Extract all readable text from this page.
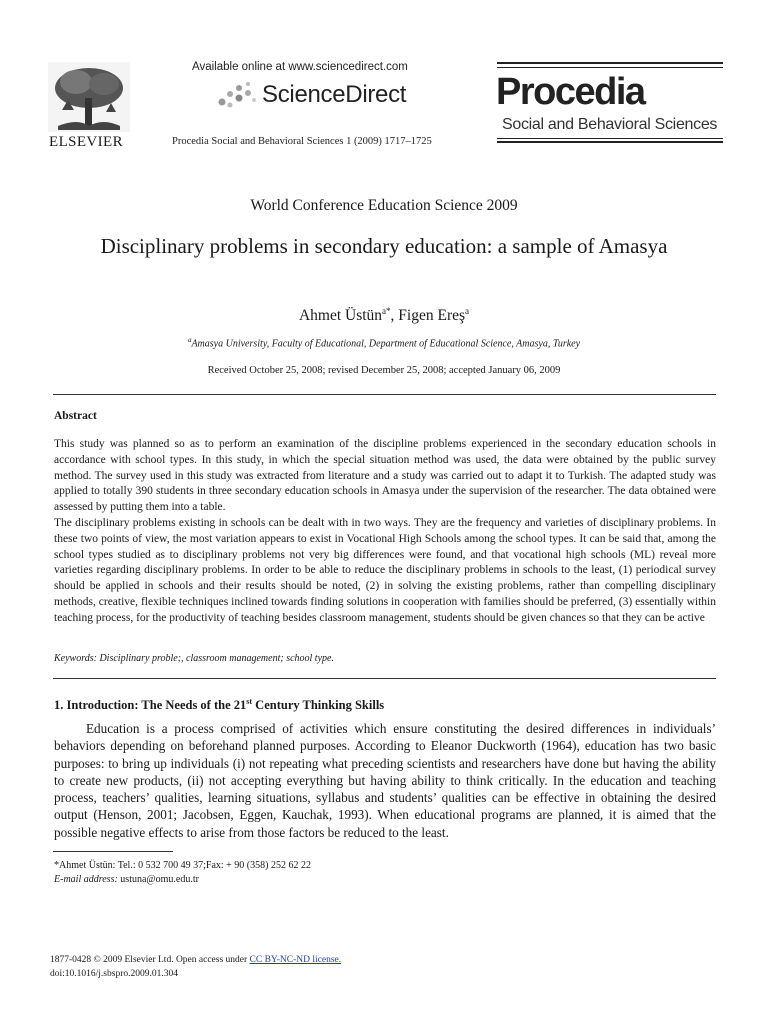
ELSEVIER
Available online at www.sciencedirect.com
ScienceDirect
Procedia Social and Behavioral Sciences 1 (2009) 1717–1725
Procedia
Social and Behavioral Sciences
World Conference Education Science 2009
Disciplinary problems in secondary education: a sample of Amasya
Ahmet Üstün$^{a*}$, Figen Ereş$^a$
$^a$Amasya University, Faculty of Educational, Department of Educational Science, Amasya, Turkey
Received October 25, 2008; revised December 25, 2008; accepted January 06, 2009
Abstract

This study was planned so as to perform an examination of the discipline problems experienced in the secondary education schools in accordance with school types. In this study, in which the special situation method was used, the data were obtained by the public survey method. The survey used in this study was extracted from literature and a study was carried out to adapt it to Turkish. The adapted study was applied to totally 390 students in three secondary education schools in Amasya under the supervision of the researcher. The data obtained were assessed by putting them into a table.

The disciplinary problems existing in schools can be dealt with in two ways. They are the frequency and varieties of disciplinary problems. In these two points of view, the most variation appears to exist in Vocational High Schools among the school types. It can be said that, among the school types studied as to disciplinary problems not very big differences were found, and that vocational high schools (ML) reveal more varieties regarding disciplinary problems. In order to be able to reduce the disciplinary problems in schools to the least, (1) periodical survey should be applied in schools and their results should be noted, (2) in solving the existing problems, rather than compelling disciplinary methods, creative, flexible techniques inclined towards finding solutions in cooperation with families should be preferred, (3) essentially within teaching process, for the productivity of teaching besides classroom management, students should be given chances so that they can be active

Keywords: Disciplinary proble;, classroom management; school type.
1. Introduction: The Needs of the 21st Century Thinking Skills

Education is a process comprised of activities which ensure constituting the desired differences in individuals’ behaviors depending on beforehand planned purposes. According to Eleanor Duckworth (1964), education has two basic purposes: to bring up individuals (i) not repeating what preceding scientists and researchers have done but having the ability to create new products, (ii) not accepting everything but having ability to think critically. In the education and teaching process, teachers’ qualities, learning situations, syllabus and students’ qualities can be effective in obtaining the desired output (Henson, 2001; Jacobsen, Eggen, Kauchak, 1993). When educational programs are planned, it is aimed that the possible negative effects to arise from those factors be reduced to the least.

*Ahmet Üstün: Tel.: 0 532 700 49 37;Fax: + 90 (358) 252 62 22
E-mail address: ustuna@omu.edu.tr
1877-0428 © 2009 Elsevier Ltd. Open access under CC BY-NC-ND license.
doi:10.1016/j.sbspro.2009.01.304
